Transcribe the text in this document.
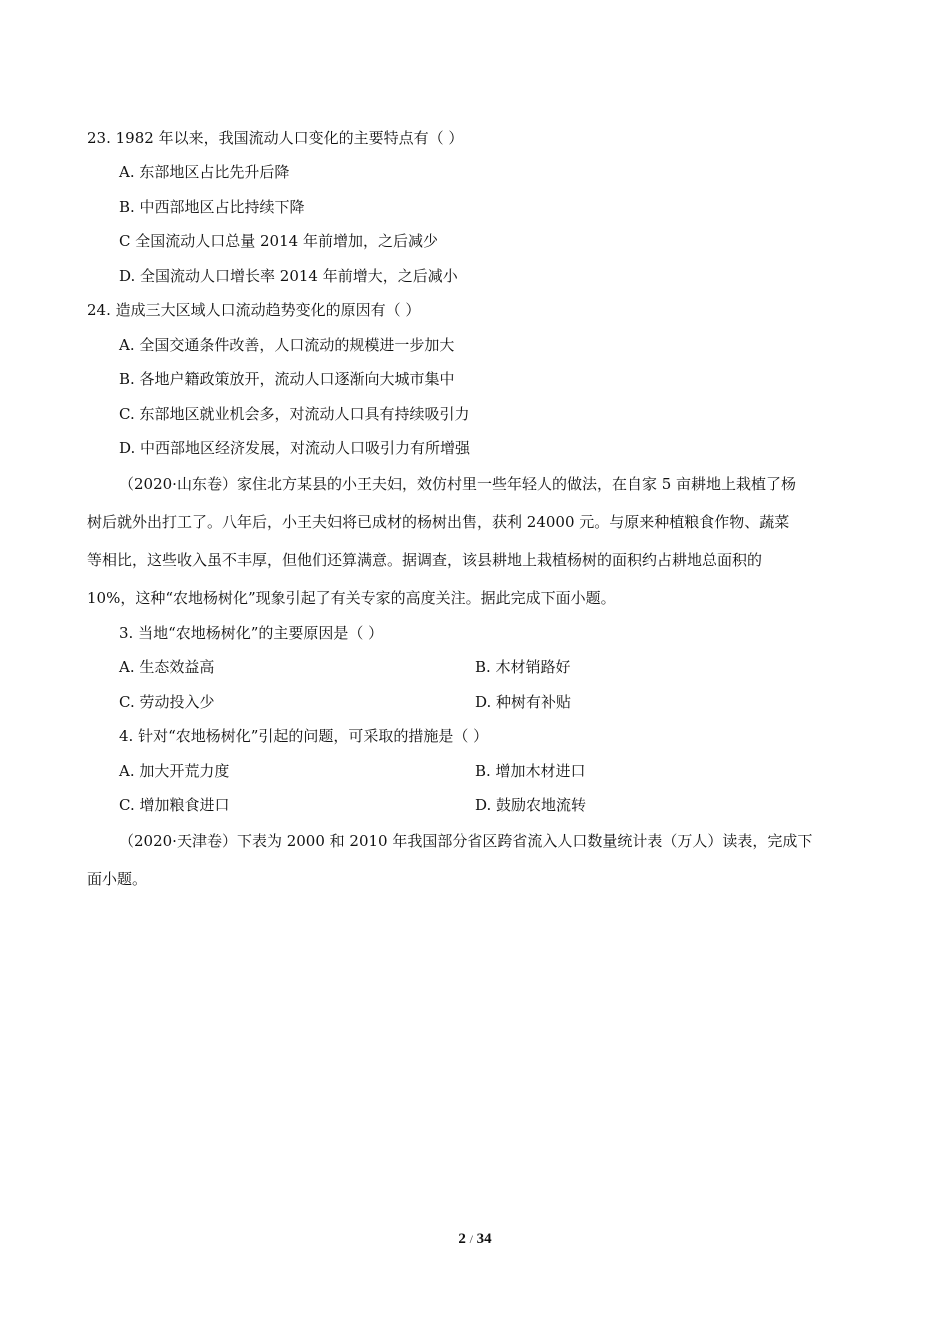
23. 1982 年以来，我国流动人口变化的主要特点有（ ）
A. 东部地区占比先升后降
B. 中西部地区占比持续下降
C 全国流动人口总量 2014 年前增加，之后减少
D. 全国流动人口增长率 2014 年前增大，之后减小
24. 造成三大区域人口流动趋势变化的原因有（ ）
A. 全国交通条件改善，人口流动的规模进一步加大
B. 各地户籍政策放开，流动人口逐渐向大城市集中
C. 东部地区就业机会多，对流动人口具有持续吸引力
D. 中西部地区经济发展，对流动人口吸引力有所增强
（2020·山东卷）家住北方某县的小王夫妇，效仿村里一些年轻人的做法，在自家 5 亩耕地上栽植了杨
树后就外出打工了。八年后，小王夫妇将已成材的杨树出售，获利 24000 元。与原来种植粮食作物、蔬菜
等相比，这些收入虽不丰厚，但他们还算满意。据调查，该县耕地上栽植杨树的面积约占耕地总面积的
10%，这种“农地杨树化”现象引起了有关专家的高度关注。据此完成下面小题。
3. 当地“农地杨树化”的主要原因是（ ）
A. 生态效益高	B. 木材销路好
C. 劳动投入少	D. 种树有补贴
4. 针对“农地杨树化”引起的问题，可采取的措施是（ ）
A. 加大开荒力度	B. 增加木材进口
C. 增加粮食进口	D. 鼓励农地流转
（2020·天津卷）下表为 2000 和 2010 年我国部分省区跨省流入人口数量统计表（万人）读表，完成下
面小题。
2 / 34
